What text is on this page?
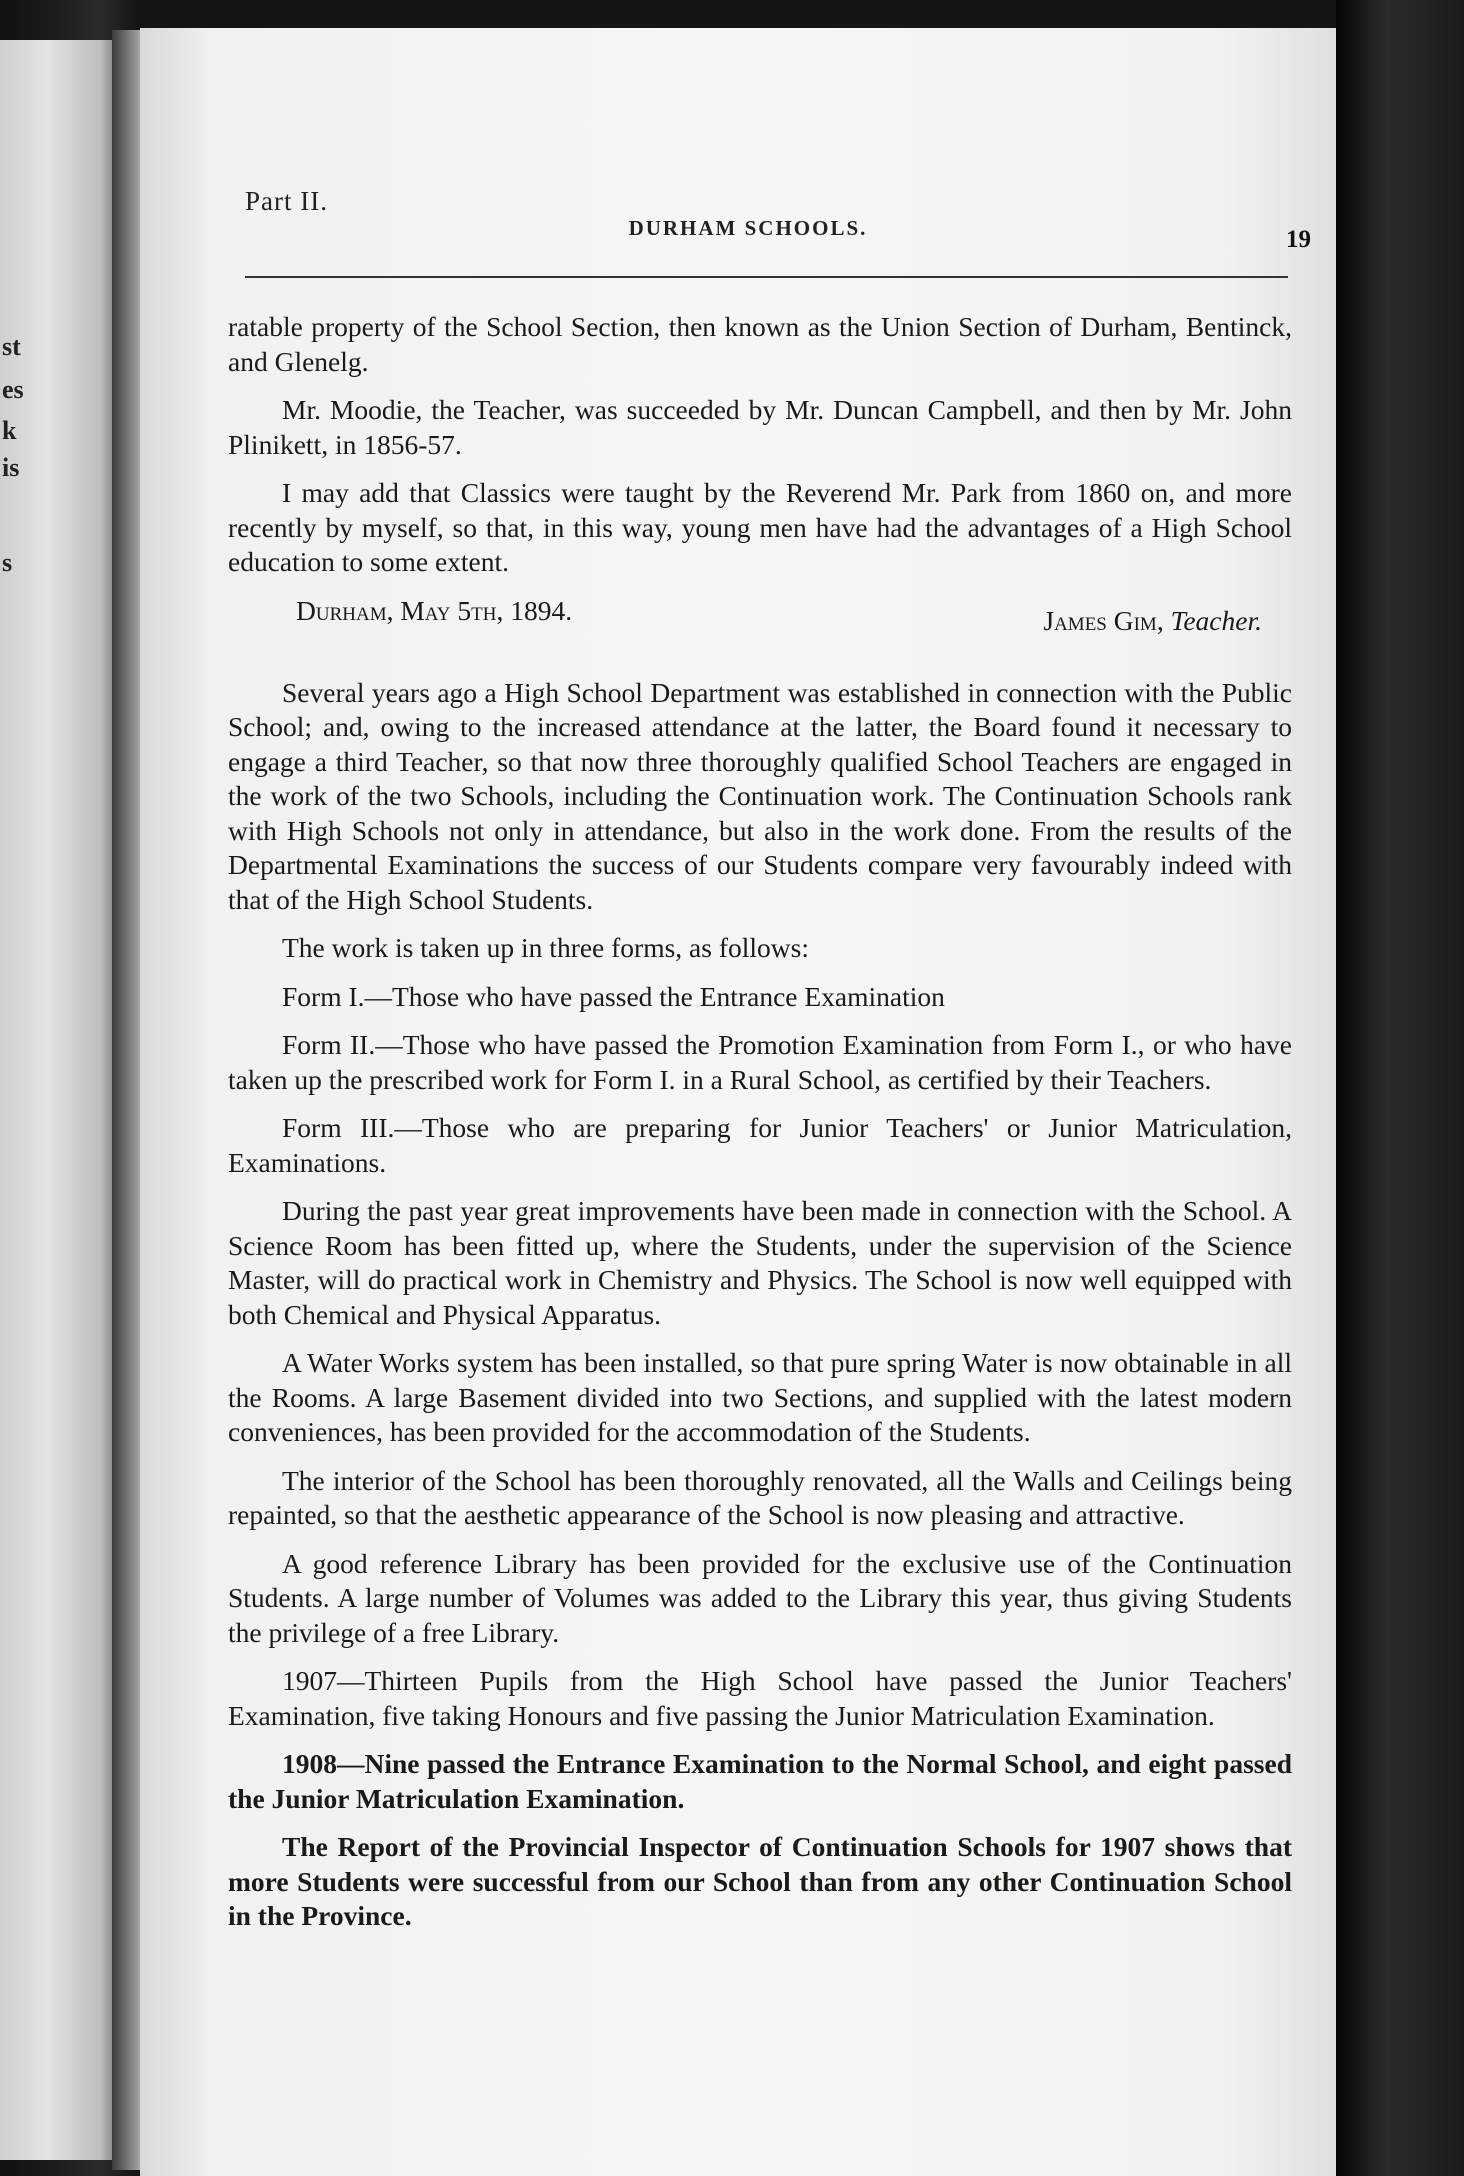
st
es
k
is
s
Part II.
DURHAM SCHOOLS.	19

ratable property of the School Section, then known as the Union Section of Durham, Bentinck, and Glenelg.

Mr. Moodie, the Teacher, was succeeded by Mr. Duncan Campbell, and then by Mr. John Plinikett, in 1856-57.

I may add that Classics were taught by the Reverend Mr. Park from 1860 on, and more recently by myself, so that, in this way, young men have had the advantages of a High School education to some extent.

Durham, May 5th, 1894.	James Gim, Teacher.

Several years ago a High School Department was established in connection with the Public School; and, owing to the increased attendance at the latter, the Board found it necessary to engage a third Teacher, so that now three thoroughly qualified School Teachers are engaged in the work of the two Schools, including the Continuation work. The Continuation Schools rank with High Schools not only in attendance, but also in the work done. From the results of the Departmental Examinations the success of our Students compare very favourably indeed with that of the High School Students.

The work is taken up in three forms, as follows:

Form I.—Those who have passed the Entrance Examination

Form II.—Those who have passed the Promotion Examination from Form I., or who have taken up the prescribed work for Form I. in a Rural School, as certified by their Teachers.

Form III.—Those who are preparing for Junior Teachers' or Junior Matriculation, Examinations.

During the past year great improvements have been made in connection with the School. A Science Room has been fitted up, where the Students, under the supervision of the Science Master, will do practical work in Chemistry and Physics. The School is now well equipped with both Chemical and Physical Apparatus.

A Water Works system has been installed, so that pure spring Water is now obtainable in all the Rooms. A large Basement divided into two Sections, and supplied with the latest modern conveniences, has been provided for the accommodation of the Students.

The interior of the School has been thoroughly renovated, all the Walls and Ceilings being repainted, so that the aesthetic appearance of the School is now pleasing and attractive.

A good reference Library has been provided for the exclusive use of the Continuation Students. A large number of Volumes was added to the Library this year, thus giving Students the privilege of a free Library.

1907—Thirteen Pupils from the High School have passed the Junior Teachers' Examination, five taking Honours and five passing the Junior Matriculation Examination.

1908—Nine passed the Entrance Examination to the Normal School, and eight passed the Junior Matriculation Examination.

The Report of the Provincial Inspector of Continuation Schools for 1907 shows that more Students were successful from our School than from any other Continuation School in the Province.
